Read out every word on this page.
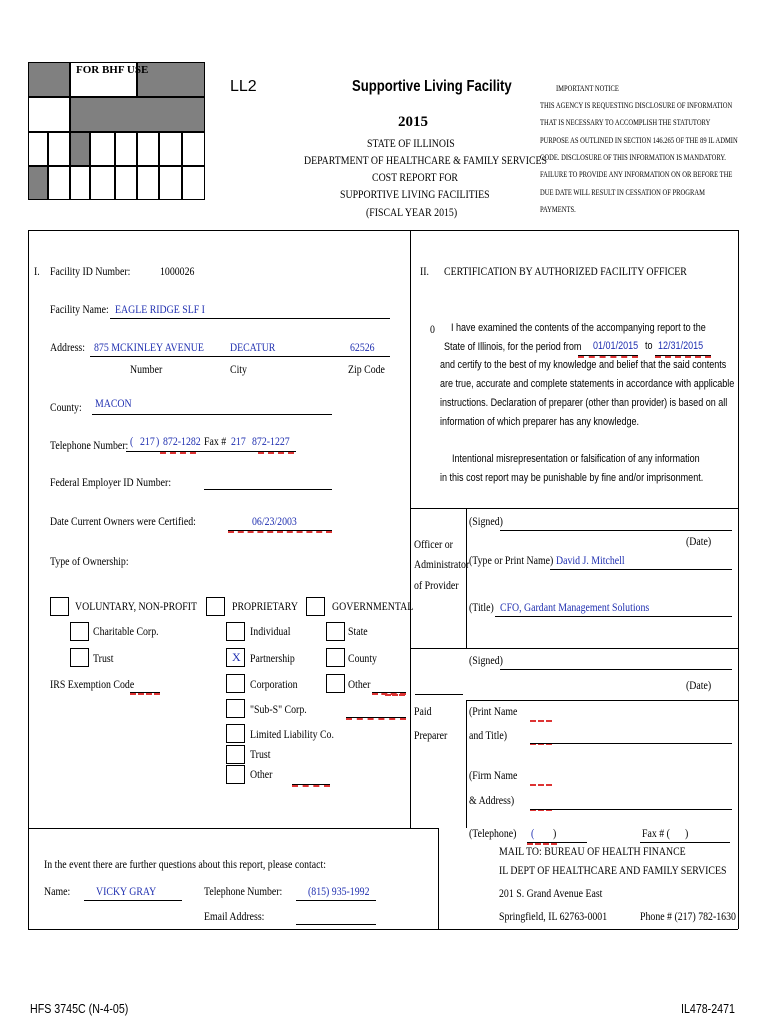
FOR BHF USE
LL2	Supportive Living Facility
2015
STATE OF ILLINOIS
DEPARTMENT OF HEALTHCARE & FAMILY SERVICES
COST REPORT FOR
SUPPORTIVE LIVING FACILITIES
(FISCAL YEAR 2015)
IMPORTANT NOTICE
THIS AGENCY IS REQUESTING DISCLOSURE OF INFORMATION
THAT IS NECESSARY TO ACCOMPLISH THE STATUTORY
PURPOSE AS OUTLINED IN SECTION 146.265 OF THE 89 IL ADMIN
CODE. DISCLOSURE OF THIS INFORMATION IS MANDATORY.
FAILURE TO PROVIDE ANY INFORMATION ON OR BEFORE THE
DUE DATE WILL RESULT IN CESSATION OF PROGRAM
PAYMENTS.
I. Facility ID Number: 1000026
Facility Name: EAGLE RIDGE SLF I
Address: 875 MCKINLEY AVENUE DECATUR	62526
Number	City	Zip Code
County: MACON
Telephone Number: ( 217 ) 872-1282 Fax # 217 872-1227
Federal Employer ID Number:
Date Current Owners were Certified:	06/23/2003
Type of Ownership:
VOLUNTARY, NON-PROFIT
Charitable Corp.
Trust
IRS Exemption Code
PROPRIETARY
Individual
X Partnership
Corporation
"Sub-S" Corp.
Limited Liability Co.
Trust
Other
GOVERNMENTAL
State
County
Other
In the event there are further questions about this report, please contact:
Name: VICKY GRAY	Telephone Number: (815) 935-1992
Email Address:
II. CERTIFICATION BY AUTHORIZED FACILITY OFFICER
0 I have examined the contents of the accompanying report to the
State of Illinois, for the period from
and certify to the best of my knowledge and belief that the said contents
are true, accurate and complete statements in accordance with applicable
instructions. Declaration of preparer (other than provider) is based on all
information of which preparer has any knowledge.
01/01/2015 to 12/31/2015
Intentional misrepresentation or falsification of any information
in this cost report may be punishable by fine and/or imprisonment.
Officer or
Administrator
of Provider
(Signed)
(Date)
(Type or Print Name) David J. Mitchell
(Title) CFO, Gardant Management Solutions
(Signed)
(Date)
Paid
Preparer
(Print Name
and Title)
(Firm Name
& Address)
(Telephone) ( )	Fax # ( )
MAIL TO: BUREAU OF HEALTH FINANCE
IL DEPT OF HEALTHCARE AND FAMILY SERVICES
201 S. Grand Avenue East
Springfield, IL 62763-0001	Phone # (217) 782-1630
HFS 3745C (N-4-05)	IL478-2471
